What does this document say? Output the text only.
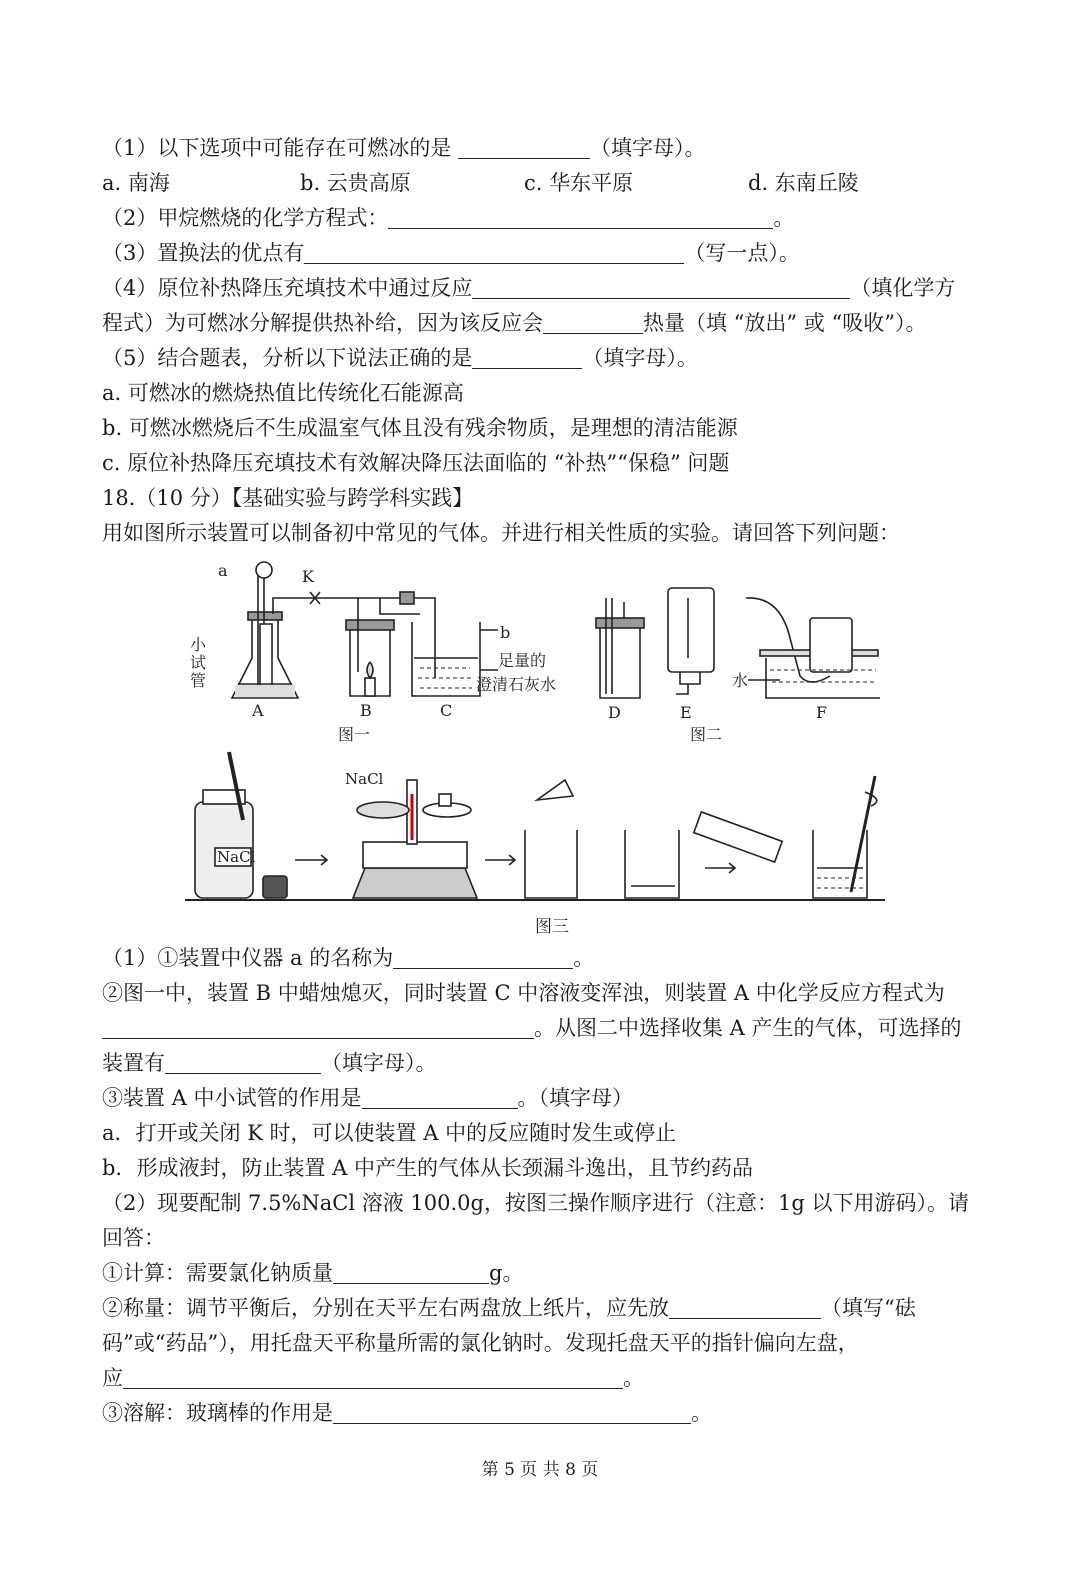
（1）以下选项中可能存在可燃冰的是	（填字母）。
a. 南海	b. 云贵高原	c. 华东平原	d. 东南丘陵
（2）甲烷燃烧的化学方程式：	。
（3）置换法的优点有	（写一点）。
（4）原位补热降压充填技术中通过反应	（填化学方
程式）为可燃冰分解提供热补给，因为该反应会	热量（填 “放出” 或 “吸收”）。
（5）结合题表，分析以下说法正确的是	（填字母）。
a. 可燃冰的燃烧热值比传统化石能源高
b. 可燃冰燃烧后不生成温室气体且没有残余物质，是理想的清洁能源
c. 原位补热降压充填技术有效解决降压法面临的 “补热”“保稳” 问题
18.（10 分）【基础实验与跨学科实践】
用如图所示装置可以制备初中常见的气体。并进行相关性质的实验。请回答下列问题：
a	K
b
小
试
管
足量的
澄清石灰水
A	B	C
图一
D	E	F
水
图二
NaCl
NaCl
图三
（1）①装置中仪器 a 的名称为	。
②图一中，装置 B 中蜡烛熄灭，同时装置 C 中溶液变浑浊，则装置 A 中化学反应方程式为
。从图二中选择收集 A 产生的气体，可选择的
装置有	（填字母）。
③装置 A 中小试管的作用是	。（填字母）
a．打开或关闭 K 时，可以使装置 A 中的反应随时发生或停止
b．形成液封，防止装置 A 中产生的气体从长颈漏斗逸出，且节约药品
（2）现要配制 7.5%NaCl 溶液 100.0g，按图三操作顺序进行（注意：1g 以下用游码）。请
回答：
①计算：需要氯化钠质量	g。
②称量：调节平衡后，分别在天平左右两盘放上纸片，应先放	（填写“砝
码”或“药品”），用托盘天平称量所需的氯化钠时。发现托盘天平的指针偏向左盘，
应	。
③溶解：玻璃棒的作用是	。
第 5 页 共 8 页
